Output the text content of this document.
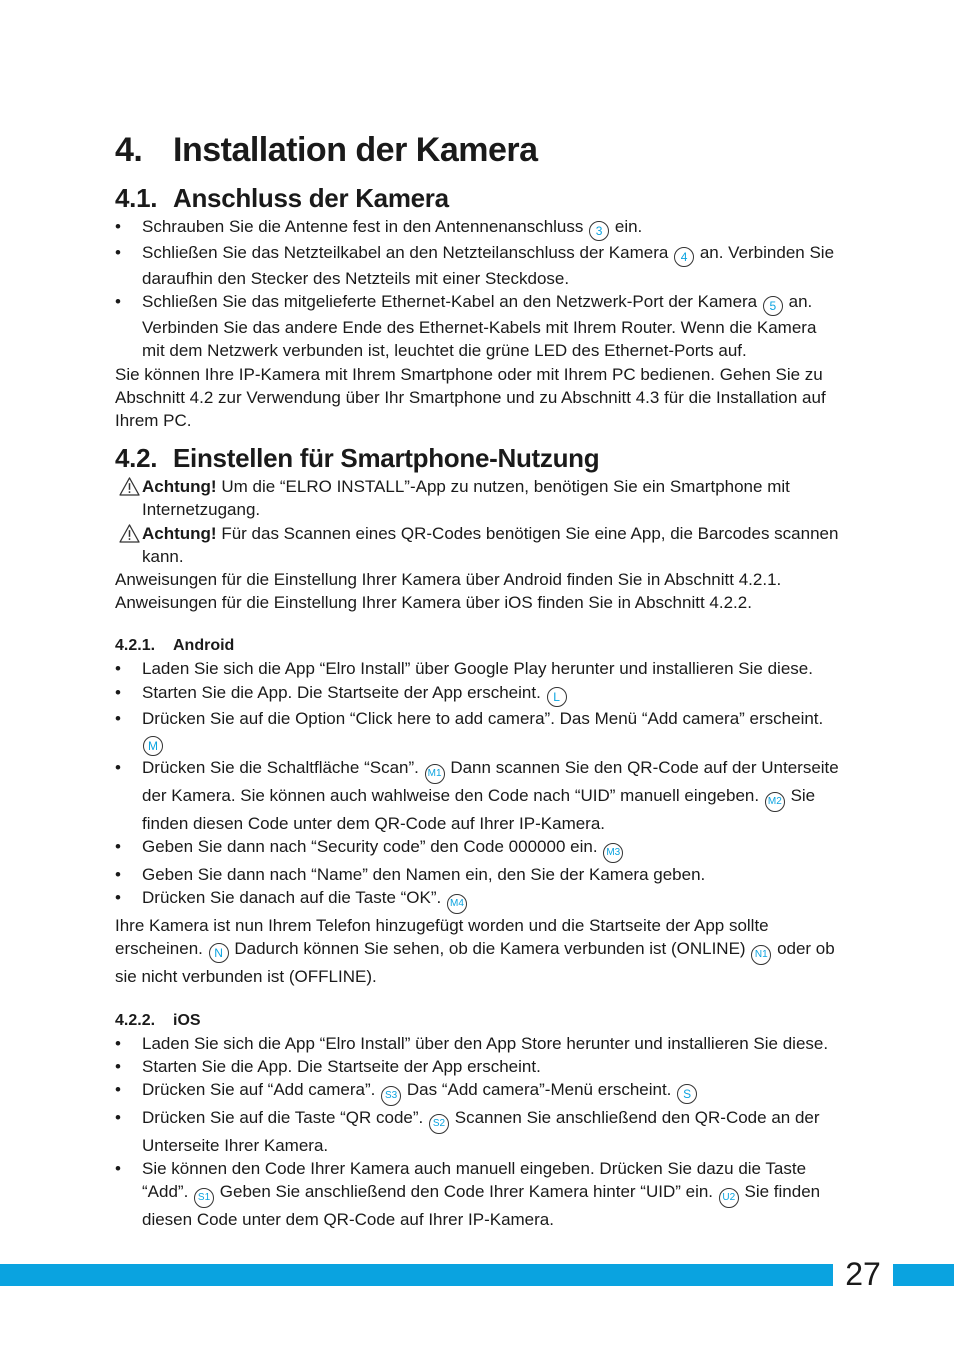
4. Installation der Kamera
4.1. Anschluss der Kamera
• Schrauben Sie die Antenne fest in den Antennenanschluss 3 ein.
• Schließen Sie das Netzteilkabel an den Netzteilanschluss der Kamera 4 an. Verbinden Sie daraufhin den Stecker des Netzteils mit einer Steckdose.
• Schließen Sie das mitgelieferte Ethernet-Kabel an den Netzwerk-Port der Kamera 5 an. Verbinden Sie das andere Ende des Ethernet-Kabels mit Ihrem Router. Wenn die Kamera mit dem Netzwerk verbunden ist, leuchtet die grüne LED des Ethernet-Ports auf.

Sie können Ihre IP-Kamera mit Ihrem Smartphone oder mit Ihrem PC bedienen. Gehen Sie zu Abschnitt 4.2 zur Verwendung über Ihr Smartphone und zu Abschnitt 4.3 für die Installation auf Ihrem PC.

4.2. Einstellen für Smartphone-Nutzung
Achtung! Um die “ELRO INSTALL”-App zu nutzen, benötigen Sie ein Smartphone mit Internetzugang.
Achtung! Für das Scannen eines QR-Codes benötigen Sie eine App, die Barcodes scannen kann.

Anweisungen für die Einstellung Ihrer Kamera über Android finden Sie in Abschnitt 4.2.1.

Anweisungen für die Einstellung Ihrer Kamera über iOS finden Sie in Abschnitt 4.2.2.

4.2.1.	Android
• Laden Sie sich die App “Elro Install” über Google Play herunter und installieren Sie diese.
• Starten Sie die App. Die Startseite der App erscheint. L
• Drücken Sie auf die Option “Click here to add camera”. Das Menü “Add camera” erscheint. M
• Drücken Sie die Schaltfläche “Scan”. M1 Dann scannen Sie den QR-Code auf der Unterseite der Kamera. Sie können auch wahlweise den Code nach “UID” manuell eingeben. M2 Sie finden diesen Code unter dem QR-Code auf Ihrer IP-Kamera.
• Geben Sie dann nach “Security code” den Code 000000 ein. M3
• Geben Sie dann nach “Name” den Namen ein, den Sie der Kamera geben.
• Drücken Sie danach auf die Taste “OK”. M4

Ihre Kamera ist nun Ihrem Telefon hinzugefügt worden und die Startseite der App sollte erscheinen. N Dadurch können Sie sehen, ob die Kamera verbunden ist (ONLINE) N1 oder ob sie nicht verbunden ist (OFFLINE).

4.2.2.	iOS
• Laden Sie sich die App “Elro Install” über den App Store herunter und installieren Sie diese.
• Starten Sie die App. Die Startseite der App erscheint.
• Drücken Sie auf “Add camera”. S3 Das “Add camera”-Menü erscheint. S
• Drücken Sie auf die Taste “QR code”. S2 Scannen Sie anschließend den QR-Code an der Unterseite Ihrer Kamera.
• Sie können den Code Ihrer Kamera auch manuell eingeben. Drücken Sie dazu die Taste “Add”. S1 Geben Sie anschließend den Code Ihrer Kamera hinter “UID” ein. U2 Sie finden diesen Code unter dem QR-Code auf Ihrer IP-Kamera.
27
